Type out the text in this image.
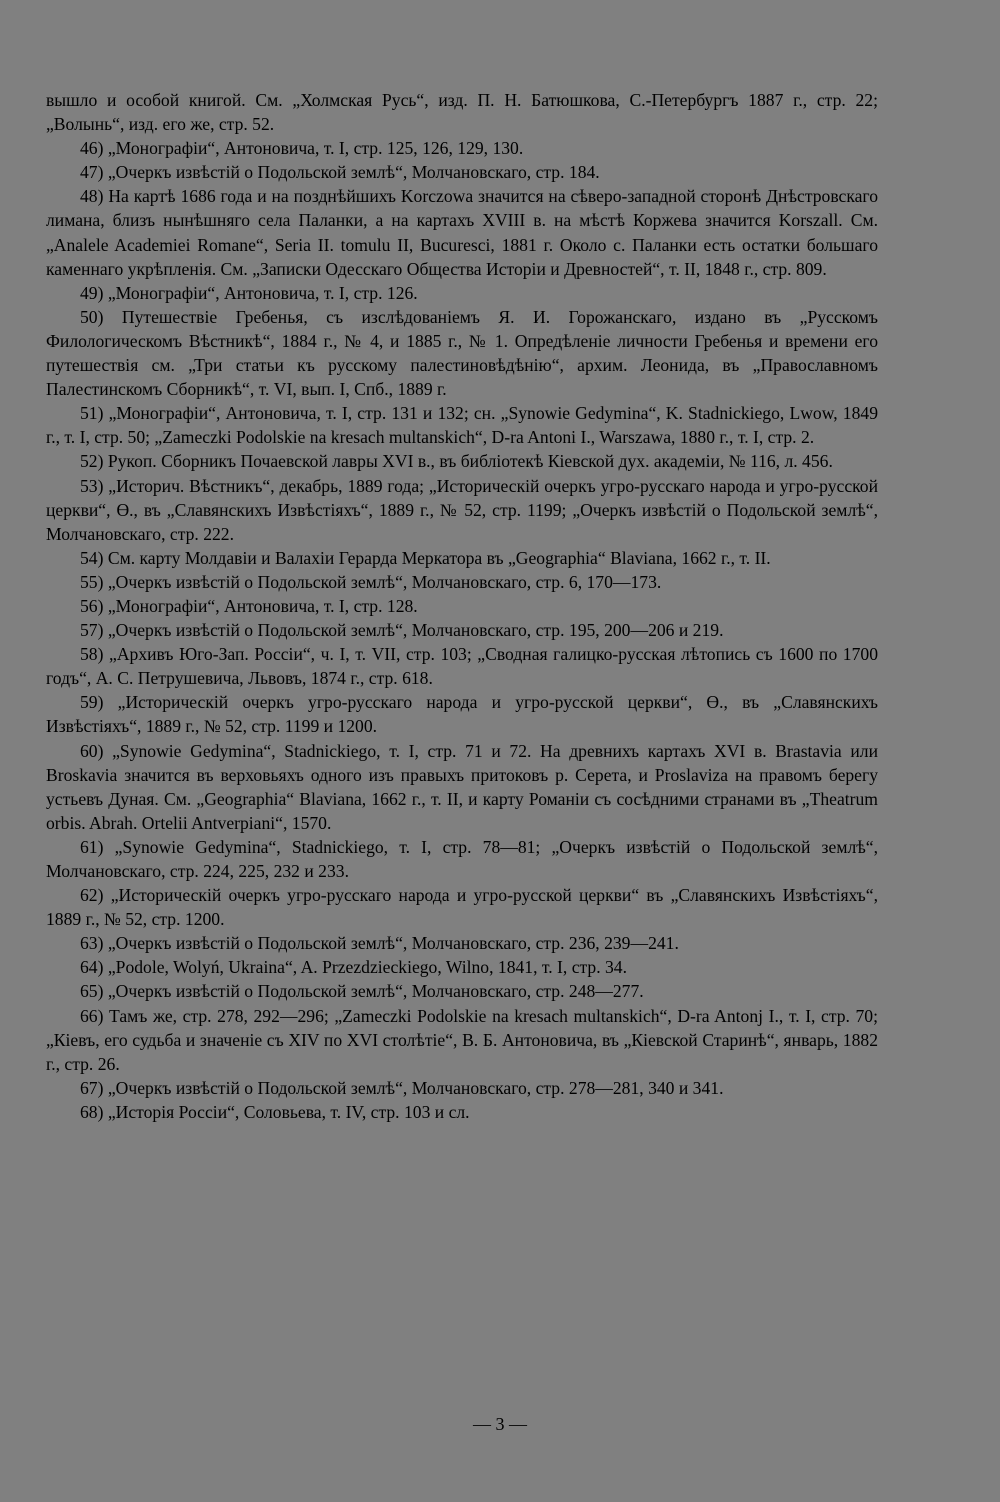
вышло и особой книгой. См. „Холмская Русь“, изд. П. Н. Батюшкова, С.-Петербургъ 1887 г., стр. 22; „Волынь“, изд. его же, стр. 52.

46) „Монографіи“, Антоновича, т. I, стр. 125, 126, 129, 130.

47) „Очеркъ извѣстій о Подольской землѣ“, Молчановскаго, стр. 184.

48) На картѣ 1686 года и на позднѣйшихъ Korczowa значится на сѣверо-западной сторонѣ Днѣстровскаго лимана, близъ нынѣшняго села Паланки, а на картахъ XVIII в. на мѣстѣ Коржева значится Korszall. См. „Analele Academiei Romane“, Seria II. tomulu II, Bucuresci, 1881 г. Около с. Паланки есть остатки большаго каменнаго укрѣпленія. См. „Записки Одесскаго Общества Исторіи и Древностей“, т. II, 1848 г., стр. 809.

49) „Монографіи“, Антоновича, т. I, стр. 126.

50) Путешествіе Гребенья, съ изслѣдованіемъ Я. И. Горожанскаго, издано въ „Русскомъ Филологическомъ Вѣстникѣ“, 1884 г., № 4, и 1885 г., № 1. Опредѣленіе личности Гребенья и времени его путешествія см. „Три статьи къ русскому палестиновѣдѣнію“, архим. Леонида, въ „Православномъ Палестинскомъ Сборникѣ“, т. VI, вып. I, Спб., 1889 г.

51) „Монографіи“, Антоновича, т. I, стр. 131 и 132; сн. „Synowie Gedymina“, K. Stadnickiego, Lwow, 1849 г., т. I, стр. 50; „Zameczki Podolskie na kresach multanskich“, D-ra Antoni I., Warszawa, 1880 г., т. I, стр. 2.

52) Рукоп. Сборникъ Почаевской лавры XVI в., въ библіотекѣ Кіевской дух. академіи, № 116, л. 456.

53) „Историч. Вѣстникъ“, декабрь, 1889 года; „Историческій очеркъ угро-русскаго народа и угро-русской церкви“, Ө., въ „Славянскихъ Извѣстіяхъ“, 1889 г., № 52, стр. 1199; „Очеркъ извѣстій о Подольской землѣ“, Молчановскаго, стр. 222.

54) См. карту Молдавіи и Валахіи Герарда Меркатора въ „Geographia“ Blaviana, 1662 г., т. II.

55) „Очеркъ извѣстій о Подольской землѣ“, Молчановскаго, стр. 6, 170—173.

56) „Монографіи“, Антоновича, т. I, стр. 128.

57) „Очеркъ извѣстій о Подольской землѣ“, Молчановскаго, стр. 195, 200—206 и 219.

58) „Архивъ Юго-Зап. Россіи“, ч. I, т. VII, стр. 103; „Сводная галицко-русская лѣтопись съ 1600 по 1700 годъ“, А. С. Петрушевича, Львовъ, 1874 г., стр. 618.

59) „Историческій очеркъ угро-русскаго народа и угро-русской церкви“, Ө., въ „Славянскихъ Извѣстіяхъ“, 1889 г., № 52, стр. 1199 и 1200.

60) „Synowie Gedymina“, Stadnickiego, т. I, стр. 71 и 72. На древнихъ картахъ XVI в. Brastavia или Broskavia значится въ верховьяхъ одного изъ правыхъ притоковъ р. Серета, и Proslaviza на правомъ берегу устьевъ Дуная. См. „Geographia“ Blaviana, 1662 г., т. II, и карту Романіи съ сосѣдними странами въ „Theatrum orbis. Abrah. Ortelii Antverpiani“, 1570.

61) „Synowie Gedymina“, Stadnickiego, т. I, стр. 78—81; „Очеркъ извѣстій о Подольской землѣ“, Молчановскаго, стр. 224, 225, 232 и 233.

62) „Историческій очеркъ угро-русскаго народа и угро-русской церкви“ въ „Славянскихъ Извѣстіяхъ“, 1889 г., № 52, стр. 1200.

63) „Очеркъ извѣстій о Подольской землѣ“, Молчановскаго, стр. 236, 239—241.

64) „Podole, Wolyń, Ukraina“, A. Przezdzieckiego, Wilno, 1841, т. I, стр. 34.

65) „Очеркъ извѣстій о Подольской землѣ“, Молчановскаго, стр. 248—277.

66) Тамъ же, стр. 278, 292—296; „Zameczki Podolskie na kresach multanskich“, D-ra Antonj I., т. I, стр. 70; „Кіевъ, его судьба и значеніе съ XIV по XVI столѣтіе“, В. Б. Антоновича, въ „Кіевской Старинѣ“, январь, 1882 г., стр. 26.

67) „Очеркъ извѣстій о Подольской землѣ“, Молчановскаго, стр. 278—281, 340 и 341.

68) „Исторія Россіи“, Соловьева, т. IV, стр. 103 и сл.

— 3 —
